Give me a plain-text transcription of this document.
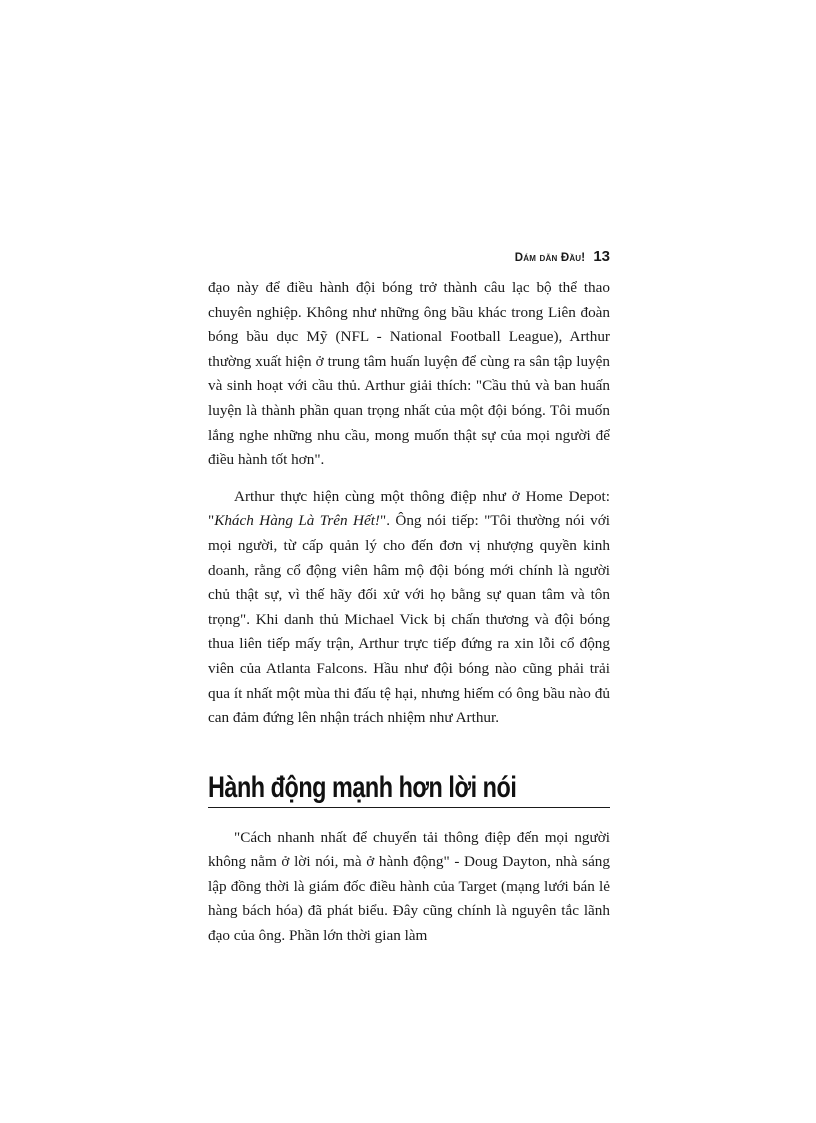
Dám dẫn Đầu! 13

đạo này để điều hành đội bóng trở thành câu lạc bộ thể thao chuyên nghiệp. Không như những ông bầu khác trong Liên đoàn bóng bầu dục Mỹ (NFL - National Football League), Arthur thường xuất hiện ở trung tâm huấn luyện để cùng ra sân tập luyện và sinh hoạt với cầu thủ. Arthur giải thích: "Cầu thủ và ban huấn luyện là thành phần quan trọng nhất của một đội bóng. Tôi muốn lắng nghe những nhu cầu, mong muốn thật sự của mọi người để điều hành tốt hơn".

Arthur thực hiện cùng một thông điệp như ở Home Depot: "Khách Hàng Là Trên Hết!". Ông nói tiếp: "Tôi thường nói với mọi người, từ cấp quản lý cho đến đơn vị nhượng quyền kinh doanh, rằng cổ động viên hâm mộ đội bóng mới chính là người chủ thật sự, vì thế hãy đối xử với họ bằng sự quan tâm và tôn trọng". Khi danh thủ Michael Vick bị chấn thương và đội bóng thua liên tiếp mấy trận, Arthur trực tiếp đứng ra xin lỗi cổ động viên của Atlanta Falcons. Hầu như đội bóng nào cũng phải trải qua ít nhất một mùa thi đấu tệ hại, nhưng hiếm có ông bầu nào đủ can đảm đứng lên nhận trách nhiệm như Arthur.

Hành động mạnh hơn lời nói

"Cách nhanh nhất để chuyển tải thông điệp đến mọi người không nằm ở lời nói, mà ở hành động" - Doug Dayton, nhà sáng lập đồng thời là giám đốc điều hành của Target (mạng lưới bán lẻ hàng bách hóa) đã phát biểu. Đây cũng chính là nguyên tắc lãnh đạo của ông. Phần lớn thời gian làm
